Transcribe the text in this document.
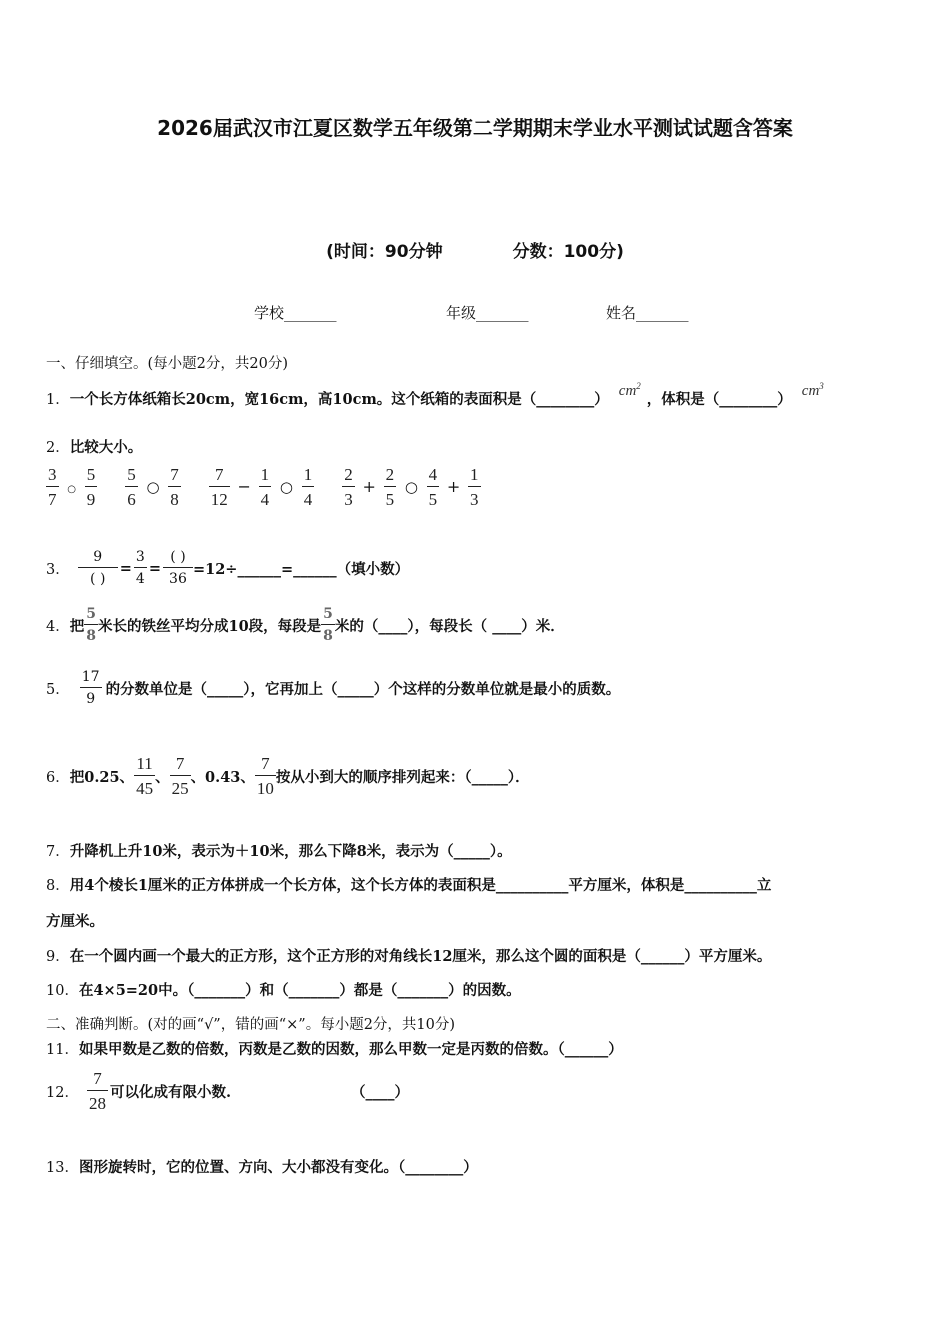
2026届武汉市江夏区数学五年级第二学期期末学业水平测试试题含答案
(时间：90分钟	分数：100分)
学校_______	年级_______	姓名_______
一、仔细填空。(每小题2分，共20分)
1． 一个长方体纸箱长20cm，宽16cm，高10cm。这个纸箱的表面积是（________） $cm^2$
，体积是（________） $cm^3$
2．比较大小。
$\frac{3}{7}$ ○ $\frac{5}{9} \frac{5}{6}$ ○ $\frac{7}{8} \frac{7}{12} - \frac{1}{4}$ ○ $\frac{1}{4} \frac{2}{3} + \frac{2}{5}$ ○ $\frac{4}{5} + \frac{1}{3}$
3．
9
( )
= $\frac{3}{4}$ =
( )
36
=12÷______=______（填小数）
4． 把
5
8
米长的铁丝平均分成10段，每段是
5
8
米的（____），每段长（ ____）米．
5．
17
9
的分数单位是（_____），它再加上（_____）个这样的分数单位就是最小的质数。
6． 把0.25、
11
45
、
7
25
、0.43、
7
10
按从小到大的顺序排列起来：（_____）．
7．升降机上升10米，表示为＋10米，那么下降8米，表示为（_____）。
8．用4个棱长1厘米的正方体拼成一个长方体，这个长方体的表面积是__________平方厘米，体积是__________立
方厘米。
9．在一个圆内画一个最大的正方形，这个正方形的对角线长12厘米，那么这个圆的面积是（______）平方厘米。
10．在4×5=20中。（_______）和（_______）都是（_______）的因数。
二、准确判断。(对的画“√”，错的画“×”。每小题2分，共10分)
11．如果甲数是乙数的倍数，丙数是乙数的因数，那么甲数一定是丙数的倍数。（______）
12．
7
28
可以化成有限小数.	（____）
13．图形旋转时，它的位置、方向、大小都没有变化。（________）
